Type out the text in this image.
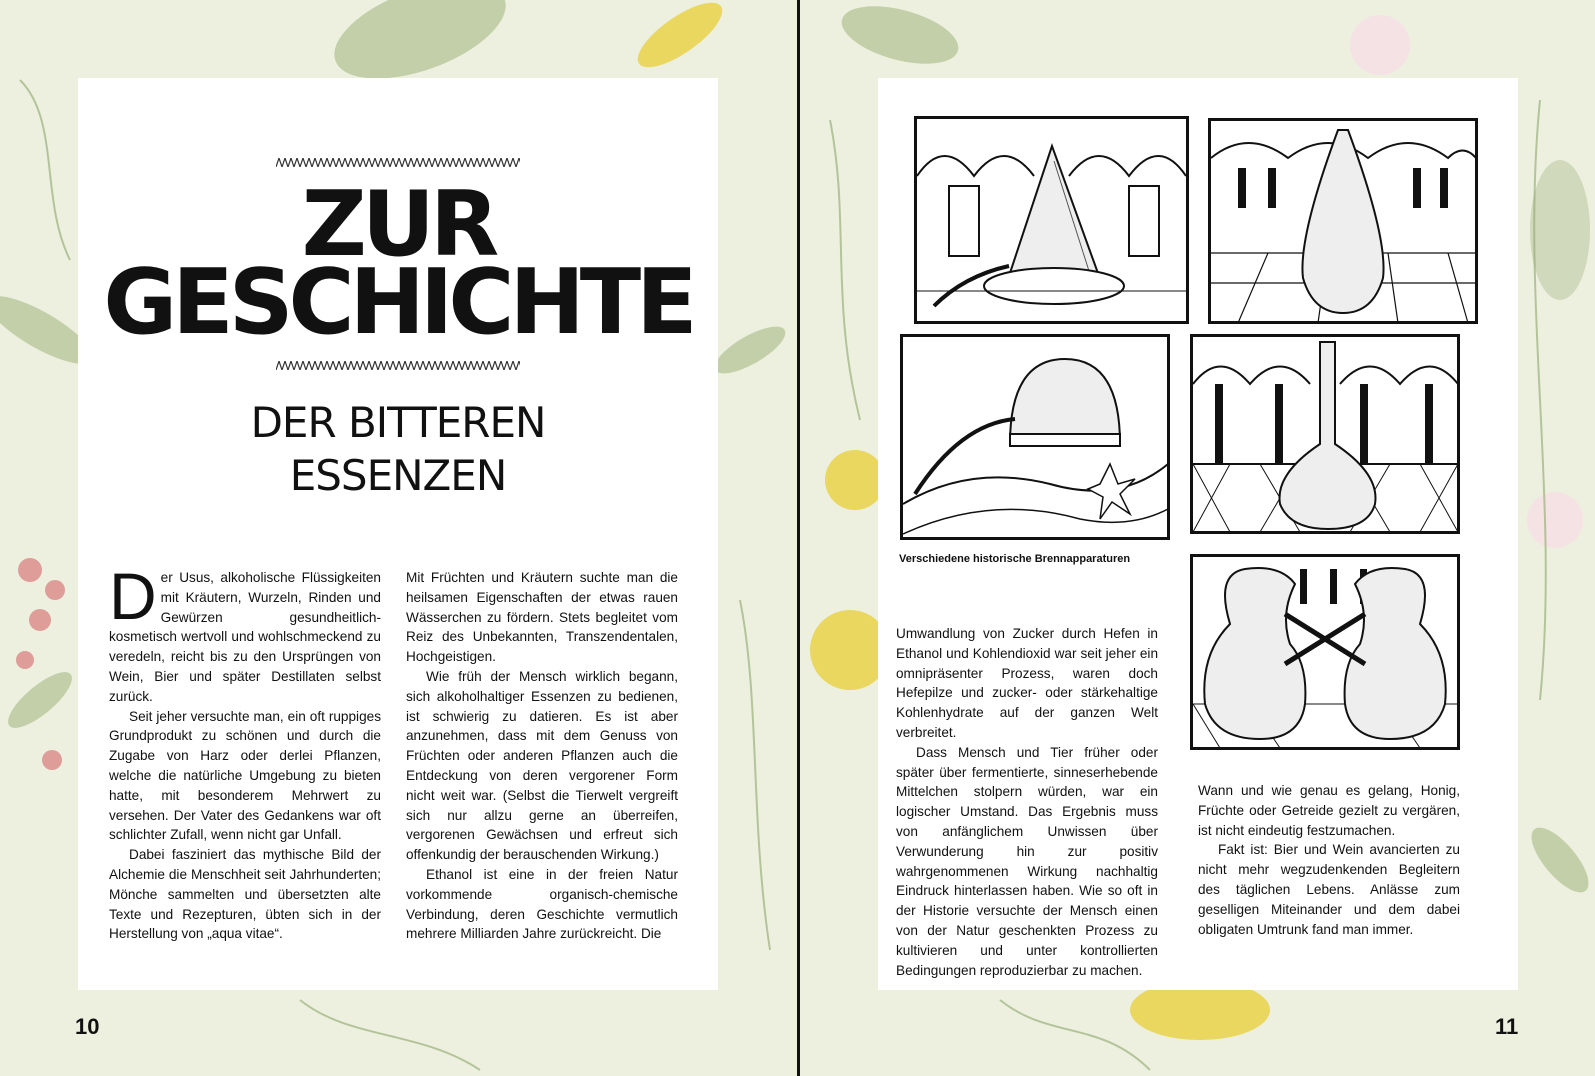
ZUR
GESCHICHTE
DER BITTEREN
ESSENZEN

Der Usus, alkoholische Flüssigkeiten mit Kräutern, Wurzeln, Rinden und Gewürzen gesundheitlich-kosmetisch wertvoll und wohlschmeckend zu veredeln, reicht bis zu den Ursprüngen von Wein, Bier und später Destillaten selbst zurück.

Seit jeher versuchte man, ein oft ruppiges Grundprodukt zu schönen und durch die Zugabe von Harz oder derlei Pflanzen, welche die natürliche Umgebung zu bieten hatte, mit besonderem Mehrwert zu versehen. Der Vater des Gedankens war oft schlichter Zufall, wenn nicht gar Unfall.

Dabei fasziniert das mythische Bild der Alchemie die Menschheit seit Jahrhunderten; Mönche sammelten und übersetzten alte Texte und Rezepturen, übten sich in der Herstellung von „aqua vitae“.

Mit Früchten und Kräutern suchte man die heilsamen Eigenschaften der etwas rauen Wässerchen zu fördern. Stets begleitet vom Reiz des Unbekannten, Transzendentalen, Hochgeistigen.

Wie früh der Mensch wirklich begann, sich alkoholhaltiger Essenzen zu bedienen, ist schwierig zu datieren. Es ist aber anzunehmen, dass mit dem Genuss von Früchten oder anderen Pflanzen auch die Entdeckung von deren vergorener Form nicht weit war. (Selbst die Tierwelt vergreift sich nur allzu gerne an überreifen, vergorenen Gewächsen und erfreut sich offenkundig der berauschenden Wirkung.)

Ethanol ist eine in der freien Natur vorkommende organisch-chemische Verbindung, deren Geschichte vermutlich mehrere Milliarden Jahre zurückreicht. Die

10
Verschiedene historische Brennapparaturen

Umwandlung von Zucker durch Hefen in Ethanol und Kohlendioxid war seit jeher ein omnipräsenter Prozess, waren doch Hefepilze und zucker- oder stärkehaltige Kohlenhydrate auf der ganzen Welt verbreitet.

Dass Mensch und Tier früher oder später über fermentierte, sinneserhebende Mittelchen stolpern würden, war ein logischer Umstand. Das Ergebnis muss von anfänglichem Unwissen über Verwunderung hin zur positiv wahrgenommenen Wirkung nachhaltig Eindruck hinterlassen haben. Wie so oft in der Historie versuchte der Mensch einen von der Natur geschenkten Prozess zu kultivieren und unter kontrollierten Bedingungen reproduzierbar zu machen.

Wann und wie genau es gelang, Honig, Früchte oder Getreide gezielt zu vergären, ist nicht eindeutig festzumachen.

Fakt ist: Bier und Wein avancierten zu nicht mehr wegzudenkenden Begleitern des täglichen Lebens. Anlässe zum geselligen Miteinander und dem dabei obligaten Umtrunk fand man immer.

11
